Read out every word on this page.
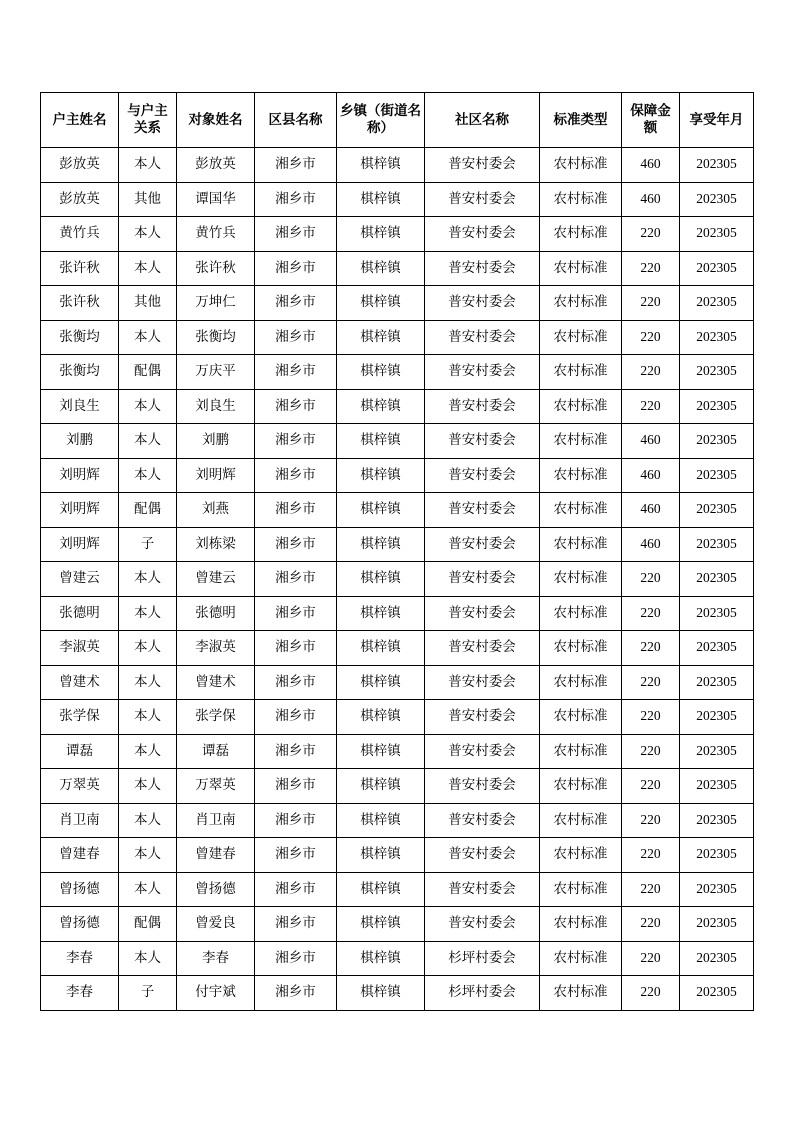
户主姓名	与户主关系	对象姓名	区县名称	乡镇（街道名称）	社区名称	标准类型	保障金额	享受年月
彭放英	本人	彭放英	湘乡市	棋梓镇	普安村委会	农村标准	460	202305
彭放英	其他	谭国华	湘乡市	棋梓镇	普安村委会	农村标准	460	202305
黄竹兵	本人	黄竹兵	湘乡市	棋梓镇	普安村委会	农村标准	220	202305
张许秋	本人	张许秋	湘乡市	棋梓镇	普安村委会	农村标准	220	202305
张许秋	其他	万坤仁	湘乡市	棋梓镇	普安村委会	农村标准	220	202305
张衡均	本人	张衡均	湘乡市	棋梓镇	普安村委会	农村标准	220	202305
张衡均	配偶	万庆平	湘乡市	棋梓镇	普安村委会	农村标准	220	202305
刘良生	本人	刘良生	湘乡市	棋梓镇	普安村委会	农村标准	220	202305
刘鹏	本人	刘鹏	湘乡市	棋梓镇	普安村委会	农村标准	460	202305
刘明辉	本人	刘明辉	湘乡市	棋梓镇	普安村委会	农村标准	460	202305
刘明辉	配偶	刘燕	湘乡市	棋梓镇	普安村委会	农村标准	460	202305
刘明辉	子	刘栋梁	湘乡市	棋梓镇	普安村委会	农村标准	460	202305
曾建云	本人	曾建云	湘乡市	棋梓镇	普安村委会	农村标准	220	202305
张德明	本人	张德明	湘乡市	棋梓镇	普安村委会	农村标准	220	202305
李淑英	本人	李淑英	湘乡市	棋梓镇	普安村委会	农村标准	220	202305
曾建术	本人	曾建术	湘乡市	棋梓镇	普安村委会	农村标准	220	202305
张学保	本人	张学保	湘乡市	棋梓镇	普安村委会	农村标准	220	202305
谭磊	本人	谭磊	湘乡市	棋梓镇	普安村委会	农村标准	220	202305
万翠英	本人	万翠英	湘乡市	棋梓镇	普安村委会	农村标准	220	202305
肖卫南	本人	肖卫南	湘乡市	棋梓镇	普安村委会	农村标准	220	202305
曾建春	本人	曾建春	湘乡市	棋梓镇	普安村委会	农村标准	220	202305
曾扬德	本人	曾扬德	湘乡市	棋梓镇	普安村委会	农村标准	220	202305
曾扬德	配偶	曾爱良	湘乡市	棋梓镇	普安村委会	农村标准	220	202305
李春	本人	李春	湘乡市	棋梓镇	杉坪村委会	农村标准	220	202305
李春	子	付宇斌	湘乡市	棋梓镇	杉坪村委会	农村标准	220	202305
